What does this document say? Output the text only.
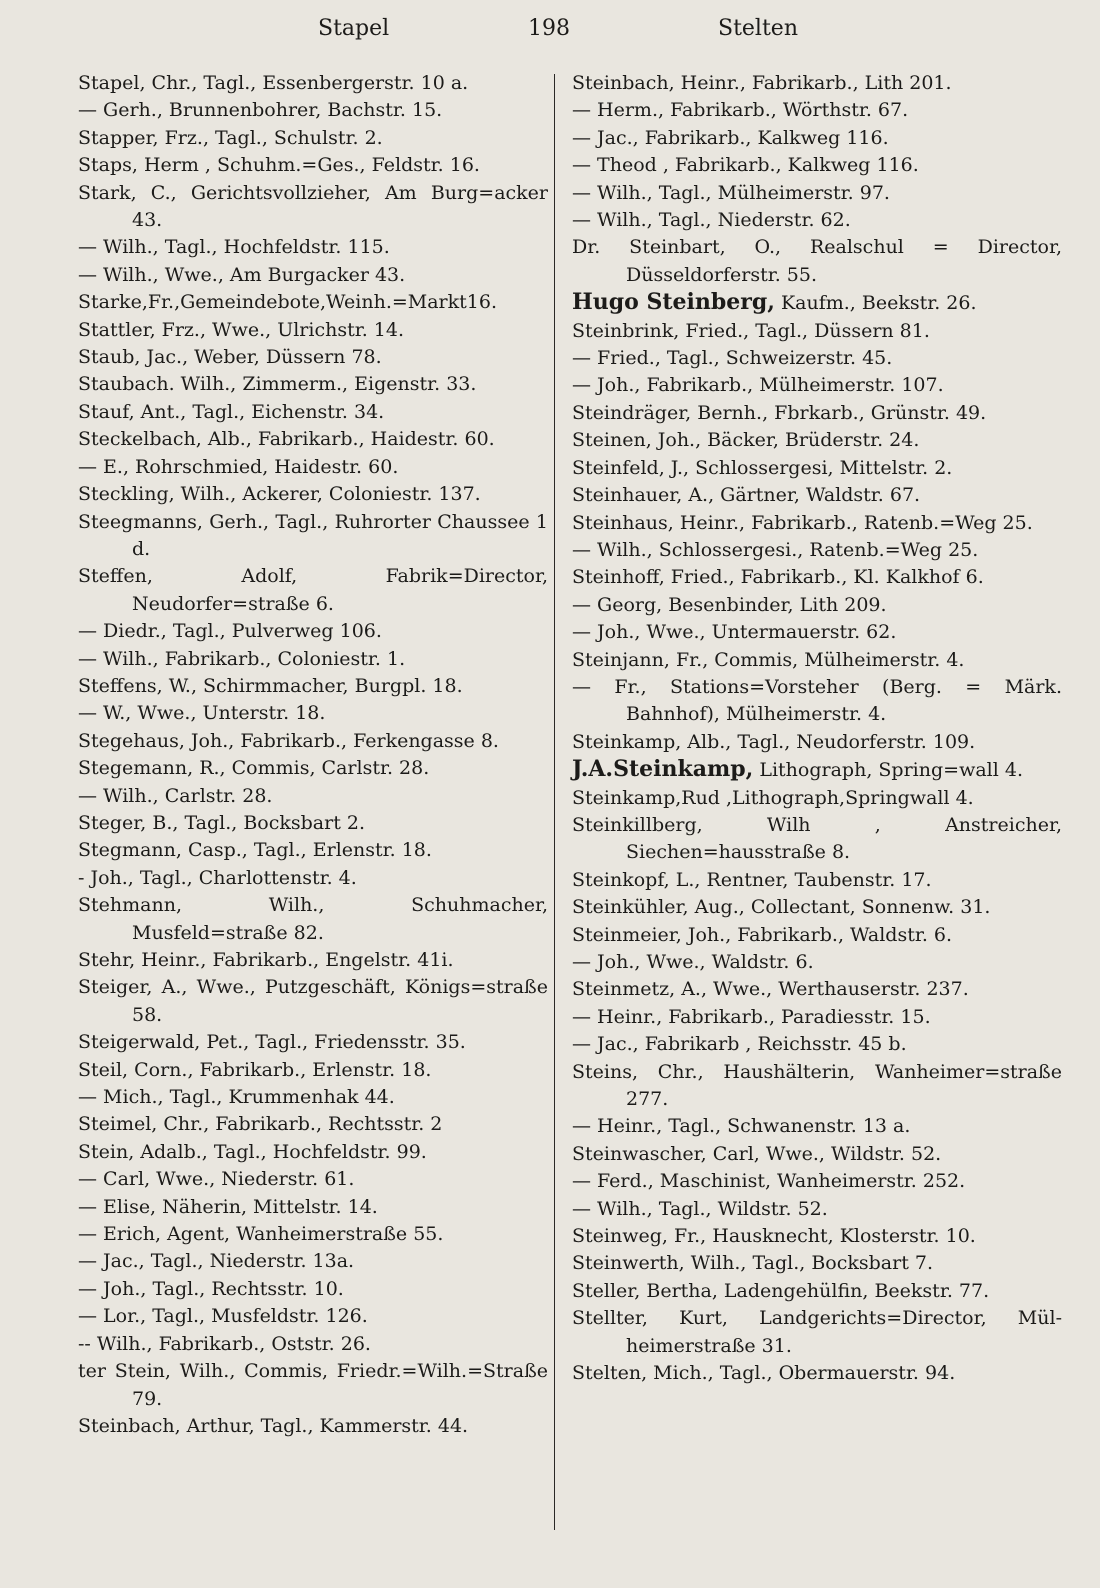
Stapel	198	Stelten

Stapel, Chr., Tagl., Essenbergerstr. 10 a.

— Gerh., Brunnenbohrer, Bachstr. 15.

Stapper, Frz., Tagl., Schulstr. 2.

Staps, Herm , Schuhm.=Ges., Feldstr. 16.

Stark, C., Gerichtsvollzieher, Am Burg=acker 43.

— Wilh., Tagl., Hochfeldstr. 115.

— Wilh., Wwe., Am Burgacker 43.

Starke,Fr.,Gemeindebote,Weinh.=Markt16.

Stattler, Frz., Wwe., Ulrichstr. 14.

Staub, Jac., Weber, Düssern 78.

Staubach. Wilh., Zimmerm., Eigenstr. 33.

Stauf, Ant., Tagl., Eichenstr. 34.

Steckelbach, Alb., Fabrikarb., Haidestr. 60.

— E., Rohrschmied, Haidestr. 60.

Steckling, Wilh., Ackerer, Coloniestr. 137.

Steegmanns, Gerh., Tagl., Ruhrorter Chaussee 1 d.

Steffen, Adolf, Fabrik=Director, Neudorfer=straße 6.

— Diedr., Tagl., Pulverweg 106.

— Wilh., Fabrikarb., Coloniestr. 1.

Steffens, W., Schirmmacher, Burgpl. 18.

— W., Wwe., Unterstr. 18.

Stegehaus, Joh., Fabrikarb., Ferkengasse 8.

Stegemann, R., Commis, Carlstr. 28.

— Wilh., Carlstr. 28.

Steger, B., Tagl., Bocksbart 2.

Stegmann, Casp., Tagl., Erlenstr. 18.

- Joh., Tagl., Charlottenstr. 4.

Stehmann, Wilh., Schuhmacher, Musfeld=straße 82.

Stehr, Heinr., Fabrikarb., Engelstr. 41i.

Steiger, A., Wwe., Putzgeschäft, Königs=straße 58.

Steigerwald, Pet., Tagl., Friedensstr. 35.

Steil, Corn., Fabrikarb., Erlenstr. 18.

— Mich., Tagl., Krummenhak 44.

Steimel, Chr., Fabrikarb., Rechtsstr. 2

Stein, Adalb., Tagl., Hochfeldstr. 99.

— Carl, Wwe., Niederstr. 61.

— Elise, Näherin, Mittelstr. 14.

— Erich, Agent, Wanheimerstraße 55.

— Jac., Tagl., Niederstr. 13a.

— Joh., Tagl., Rechtsstr. 10.

— Lor., Tagl., Musfeldstr. 126.

-- Wilh., Fabrikarb., Oststr. 26.

ter Stein, Wilh., Commis, Friedr.=Wilh.=Straße 79.

Steinbach, Arthur, Tagl., Kammerstr. 44.

Steinbach, Heinr., Fabrikarb., Lith 201.

— Herm., Fabrikarb., Wörthstr. 67.

— Jac., Fabrikarb., Kalkweg 116.

— Theod , Fabrikarb., Kalkweg 116.

— Wilh., Tagl., Mülheimerstr. 97.

— Wilh., Tagl., Niederstr. 62.

Dr. Steinbart, O., Realschul = Director, Düsseldorferstr. 55.

Hugo Steinberg, Kaufm., Beekstr. 26.

Steinbrink, Fried., Tagl., Düssern 81.

— Fried., Tagl., Schweizerstr. 45.

— Joh., Fabrikarb., Mülheimerstr. 107.

Steindräger, Bernh., Fbrkarb., Grünstr. 49.

Steinen, Joh., Bäcker, Brüderstr. 24.

Steinfeld, J., Schlossergesi, Mittelstr. 2.

Steinhauer, A., Gärtner, Waldstr. 67.

Steinhaus, Heinr., Fabrikarb., Ratenb.=Weg 25.

— Wilh., Schlossergesi., Ratenb.=Weg 25.

Steinhoff, Fried., Fabrikarb., Kl. Kalkhof 6.

— Georg, Besenbinder, Lith 209.

— Joh., Wwe., Untermauerstr. 62.

Steinjann, Fr., Commis, Mülheimerstr. 4.

— Fr., Stations=Vorsteher (Berg. = Märk. Bahnhof), Mülheimerstr. 4.

Steinkamp, Alb., Tagl., Neudorferstr. 109.

J.A.Steinkamp, Lithograph, Spring=wall 4.

Steinkamp,Rud ,Lithograph,Springwall 4.

Steinkillberg, Wilh , Anstreicher, Siechen=hausstraße 8.

Steinkopf, L., Rentner, Taubenstr. 17.

Steinkühler, Aug., Collectant, Sonnenw. 31.

Steinmeier, Joh., Fabrikarb., Waldstr. 6.

— Joh., Wwe., Waldstr. 6.

Steinmetz, A., Wwe., Werthauserstr. 237.

— Heinr., Fabrikarb., Paradiesstr. 15.

— Jac., Fabrikarb , Reichsstr. 45 b.

Steins, Chr., Haushälterin, Wanheimer=straße 277.

— Heinr., Tagl., Schwanenstr. 13 a.

Steinwascher, Carl, Wwe., Wildstr. 52.

— Ferd., Maschinist, Wanheimerstr. 252.

— Wilh., Tagl., Wildstr. 52.

Steinweg, Fr., Hausknecht, Klosterstr. 10.

Steinwerth, Wilh., Tagl., Bocksbart 7.

Steller, Bertha, Ladengehülfin, Beekstr. 77.

Stellter, Kurt, Landgerichts=Director, Mül-heimerstraße 31.

Stelten, Mich., Tagl., Obermauerstr. 94.
